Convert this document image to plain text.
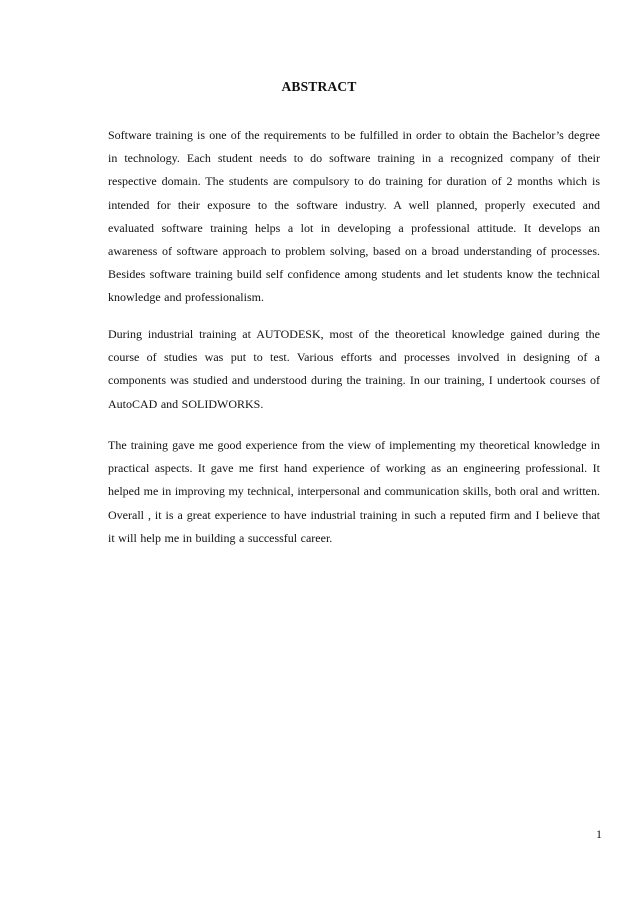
ABSTRACT

Software training is one of the requirements to be fulfilled in order to obtain the Bachelor’s degree in technology. Each student needs to do software training in a recognized company of their respective domain. The students are compulsory to do training for duration of 2 months which is intended for their exposure to the software industry. A well planned, properly executed and evaluated software training helps a lot in developing a professional attitude. It develops an awareness of software approach to problem solving, based on a broad understanding of processes. Besides software training build self confidence among students and let students know the technical knowledge and professionalism.

During industrial training at AUTODESK, most of the theoretical knowledge gained during the course of studies was put to test. Various efforts and processes involved in designing of a components was studied and understood during the training. In our training, I undertook courses of AutoCAD and SOLIDWORKS.

The training gave me good experience from the view of implementing my theoretical knowledge in practical aspects. It gave me first hand experience of working as an engineering professional. It helped me in improving my technical, interpersonal and communication skills, both oral and written. Overall , it is a great experience to have industrial training in such a reputed firm and I believe that it will help me in building a successful career.

1
